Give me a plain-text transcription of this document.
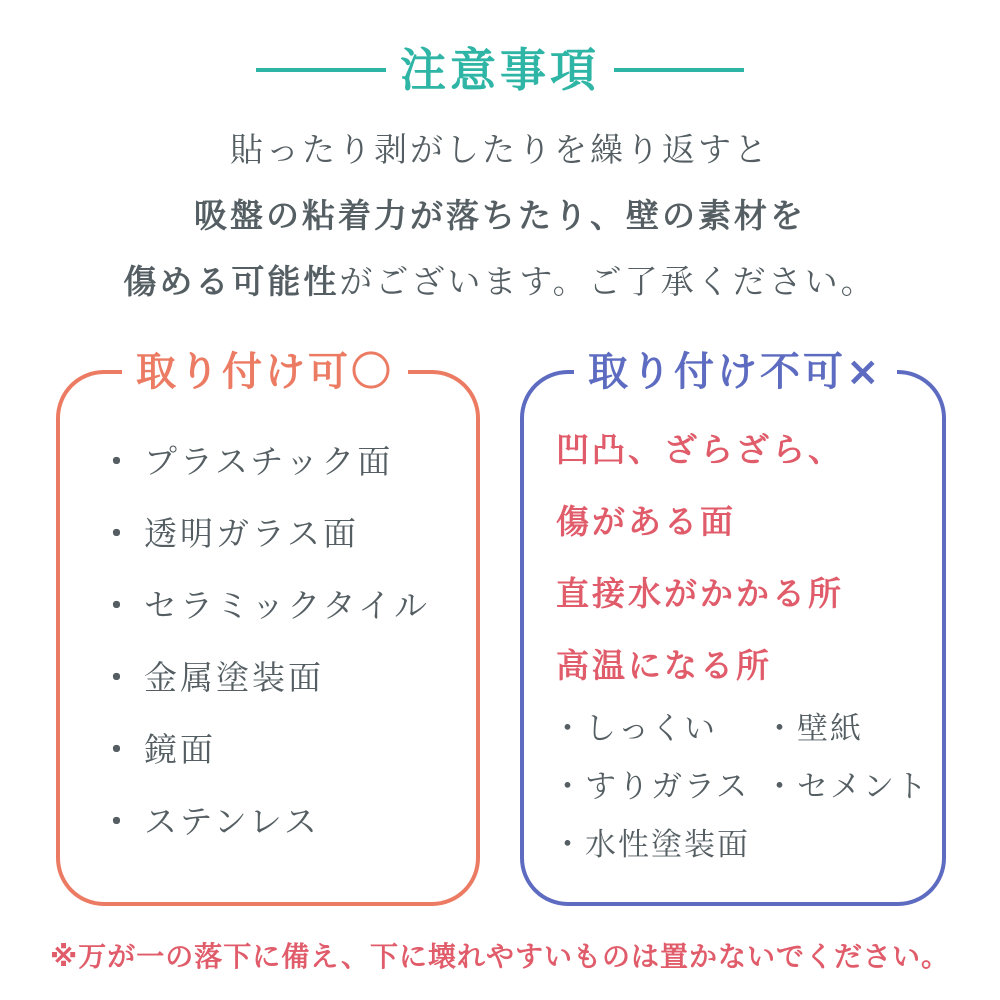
注意事項
貼ったり剥がしたりを繰り返すと
吸盤の粘着力が落ちたり、壁の素材を
傷める可能性がございます。ご了承ください。
取り付け可〇
・ プラスチック面
・ 透明ガラス面
・ セラミックタイル
・ 金属塗装面
・ 鏡面
・ ステンレス
取り付け不可×
凹凸、ざらざら、
傷がある面
直接水がかかる所
高温になる所
・しっくい ・壁紙 ・すりガラス ・セメント ・水性塗装面
※万が一の落下に備え、下に壊れやすいものは置かないでください。
